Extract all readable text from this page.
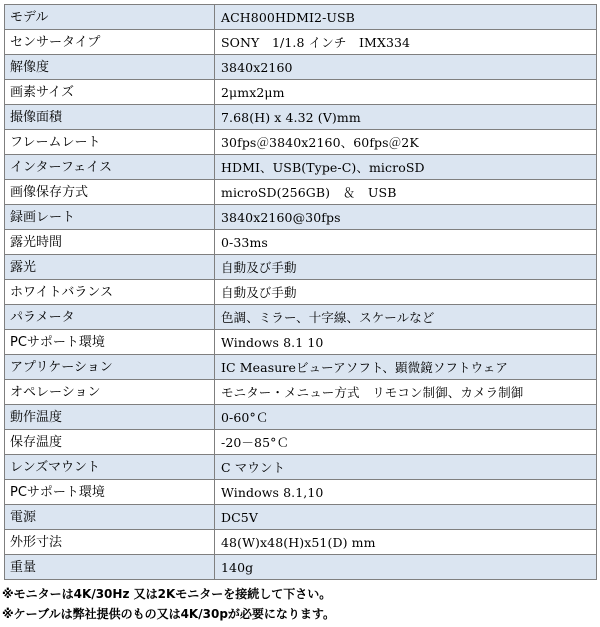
モデル	ACH800HDMI2-USB
センサータイプ	SONY　1/1.8 インチ　IMX334
解像度	3840x2160
画素サイズ	2μmx2μm
撮像面積	7.68(H) x 4.32 (V)mm
フレームレート	30fps＠3840x2160、60fps＠2K
インターフェイス	HDMI、USB(Type-C)、microSD
画像保存方式	microSD(256GB)　＆　USB
録画レート	3840x2160@30fps
露光時間	0-33ms
露光	自動及び手動
ホワイトバランス	自動及び手動
パラメータ	色調、ミラー、十字線、スケールなど
PCサポート環境	Windows 8.1 10
アプリケーション	IC Measureビューアソフト、顕微鏡ソフトウェア
オペレーション	モニター・メニュー方式　リモコン制御、カメラ制御
動作温度	0-60°Ｃ
保存温度	-20－85°Ｃ
レンズマウント	C マウント
PCサポート環境	Windows 8.1,10
電源	DC5V
外形寸法	48(W)x48(H)x51(D) mm
重量	140g
※モニターは4K/30Hz 又は2Kモニターを接続して下さい。
※ケーブルは弊社提供のもの又は4K/30pが必要になります。
